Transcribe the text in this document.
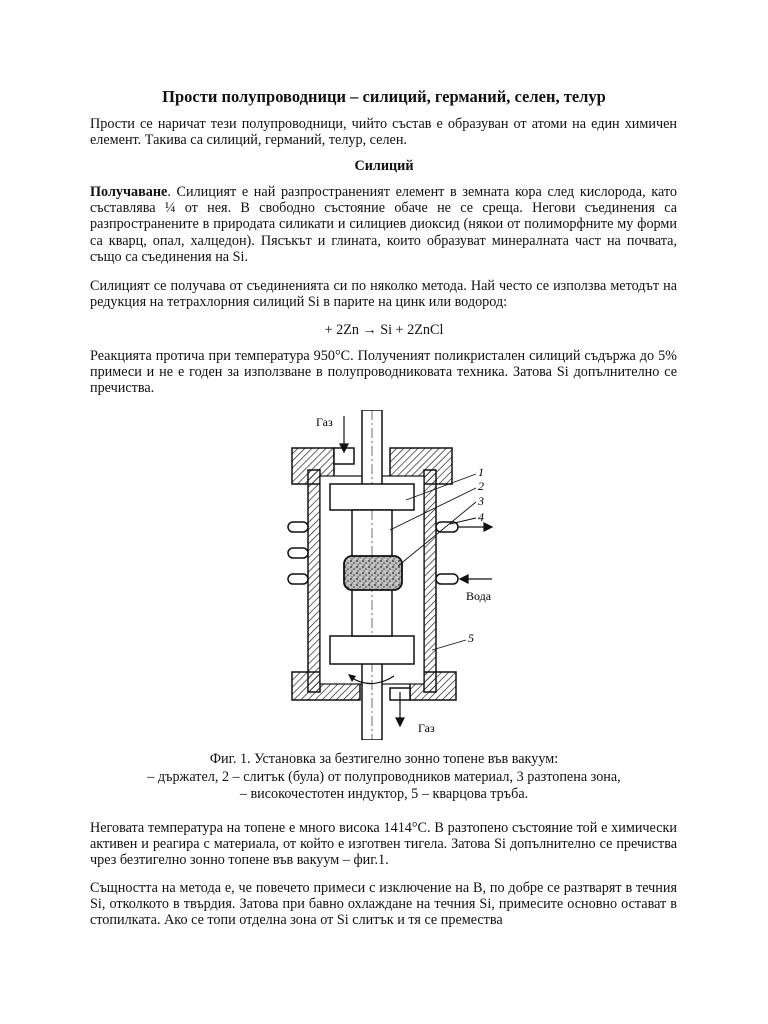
Прости полупроводници – силиций, германий, селен, телур

Прости се наричат тези полупроводници, чийто състав е образуван от атоми на един химичен елемент. Такива са силиций, германий, телур, селен.

Силиций

Получаване. Силицият е най разпространеният елемент в земната кора след кислорода, като съставлява ¼ от нея. В свободно състояние обаче не се среща. Негови съединения са разпространените в природата силикати и силициев диоксид (някои от полиморфните му форми са кварц, опал, халцедон). Пясъкът и глината, които образуват минералната част на почвата, също са съединения на Si.

Силицият се получава от съединенията си по няколко метода. Най често се използва методът на редукция на тетрахлорния силиций Si в парите на цинк или водород:

+ 2Zn → Si + 2ZnCl

Реакцията протича при температура 950°С. Полученият поликристален силиций съдържа до 5% примеси и не е годен за използване в полупроводниковата техника. Затова Si допълнително се пречиства.

Газ
Газ
Вода
1
2
3
4
5
Фиг. 1. Установка за безтигелно зонно топене във вакуум:
– държател, 2 – слитък (була) от полупроводников материал, 3 разтопена зона,
– високочестотен индуктор, 5 – кварцова тръба.

Неговата температура на топене е много висока 1414°С. В разтопено състояние той е химически активен и реагира с материала, от който е изготвен тигела. Затова Si допълнително се пречиства чрез безтигелно зонно топене във вакуум – фиг.1.

Същността на метода е, че повечето примеси с изключение на В, по добре се разтварят в течния Si, отколкото в твърдия. Затова при бавно охлаждане на течния Si, примесите основно остават в стопилката. Ако се топи отделна зона от Si слитък и тя се премества
